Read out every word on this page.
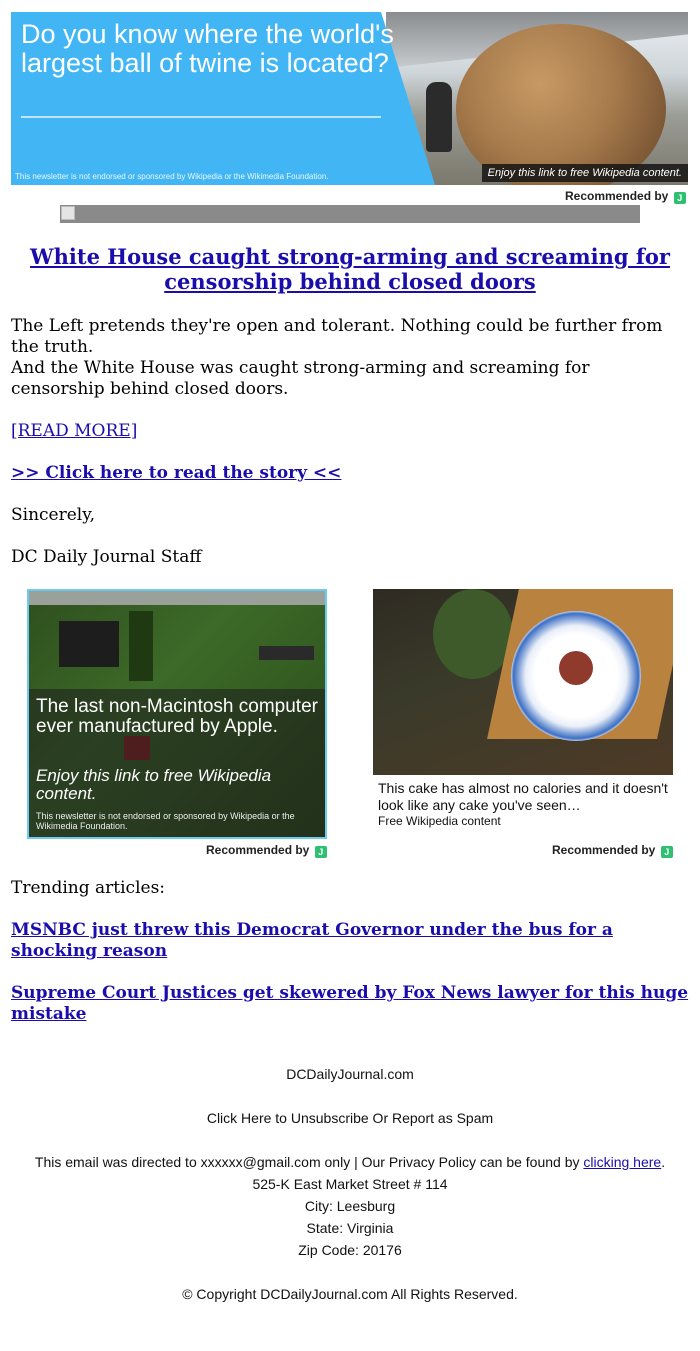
Do you know where the world's largest ball of twine is located?

This newsletter is not endorsed or sponsored by Wikipedia or the Wikimedia Foundation.	Enjoy this link to free Wikipedia content.
Recommended by J
White House caught strong-arming and screaming for censorship behind closed doors

The Left pretends they're open and tolerant. Nothing could be further from the truth.

And the White House was caught strong-arming and screaming for censorship behind closed doors.

[READ MORE]

>> Click here to read the story <<

Sincerely,

DC Daily Journal Staff

The last non-Macintosh computer ever manufactured by Apple.

Enjoy this link to free Wikipedia content.

This newsletter is not endorsed or sponsored by Wikipedia or the Wikimedia Foundation.
Recommended by J

This cake has almost no calories and it doesn't look like any cake you've seen…

Free Wikipedia content

Recommended by J

Trending articles:

MSNBC just threw this Democrat Governor under the bus for a shocking reason

Supreme Court Justices get skewered by Fox News lawyer for this huge mistake

DCDailyJournal.com

Click Here to Unsubscribe Or Report as Spam

This email was directed to xxxxxx@gmail.com only | Our Privacy Policy can be found by clicking here.

525-K East Market Street # 114

City: Leesburg

State: Virginia

Zip Code: 20176

© Copyright DCDailyJournal.com All Rights Reserved.
